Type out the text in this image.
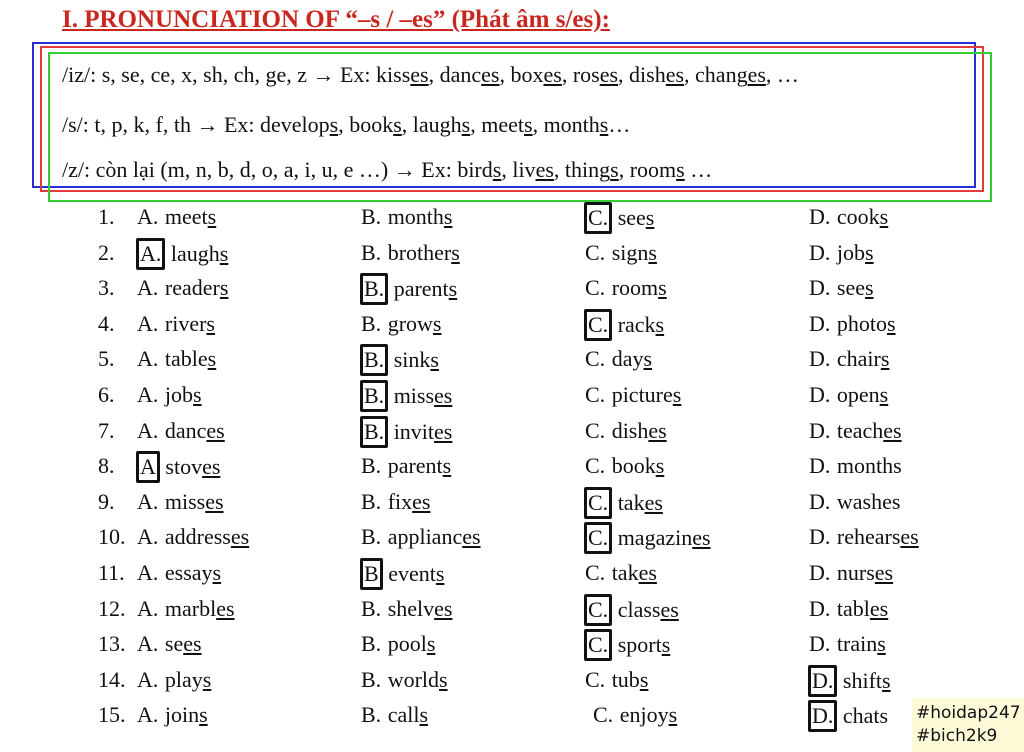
I. PRONUNCIATION OF “–s / –es” (Phát âm s/es):
/iz/: s, se, ce, x, sh, ch, ge, z → Ex: kisses, dances, boxes, roses, dishes, changes, …
/s/: t, p, k, f, th → Ex: develops, books, laughs, meets, months…
/z/: còn lại (m, n, b, d, o, a, i, u, e …) → Ex: birds, lives, things, rooms …
1. A. meets	B. months	C. sees	D. cooks
2. A. laughs	B. brothers	C. signs	D. jobs
3. A. readers	B. parents	C. rooms	D. sees
4. A. rivers	B. grows	C. racks	D. photos
5. A. tables	B. sinks	C. days	D. chairs
6. A. jobs	B. misses	C. pictures	D. opens
7. A. dances	B. invites	C. dishes	D. teaches
8. A stoves	B. parents	C. books	D. months
9. A. misses	B. fixes	C. takes	D. washes
10. A. addresses	B. appliances	C. magazines	D. rehearses
11. A. essays	B events	C. takes	D. nurses
12. A. marbles	B. shelves	C. classes	D. tables
13. A. sees	B. pools	C. sports	D. trains
14. A. plays	B. worlds	C. tubs	D. shifts
15. A. joins	B. calls	C. enjoys	D. chats #hoidap247
#bich2k9
